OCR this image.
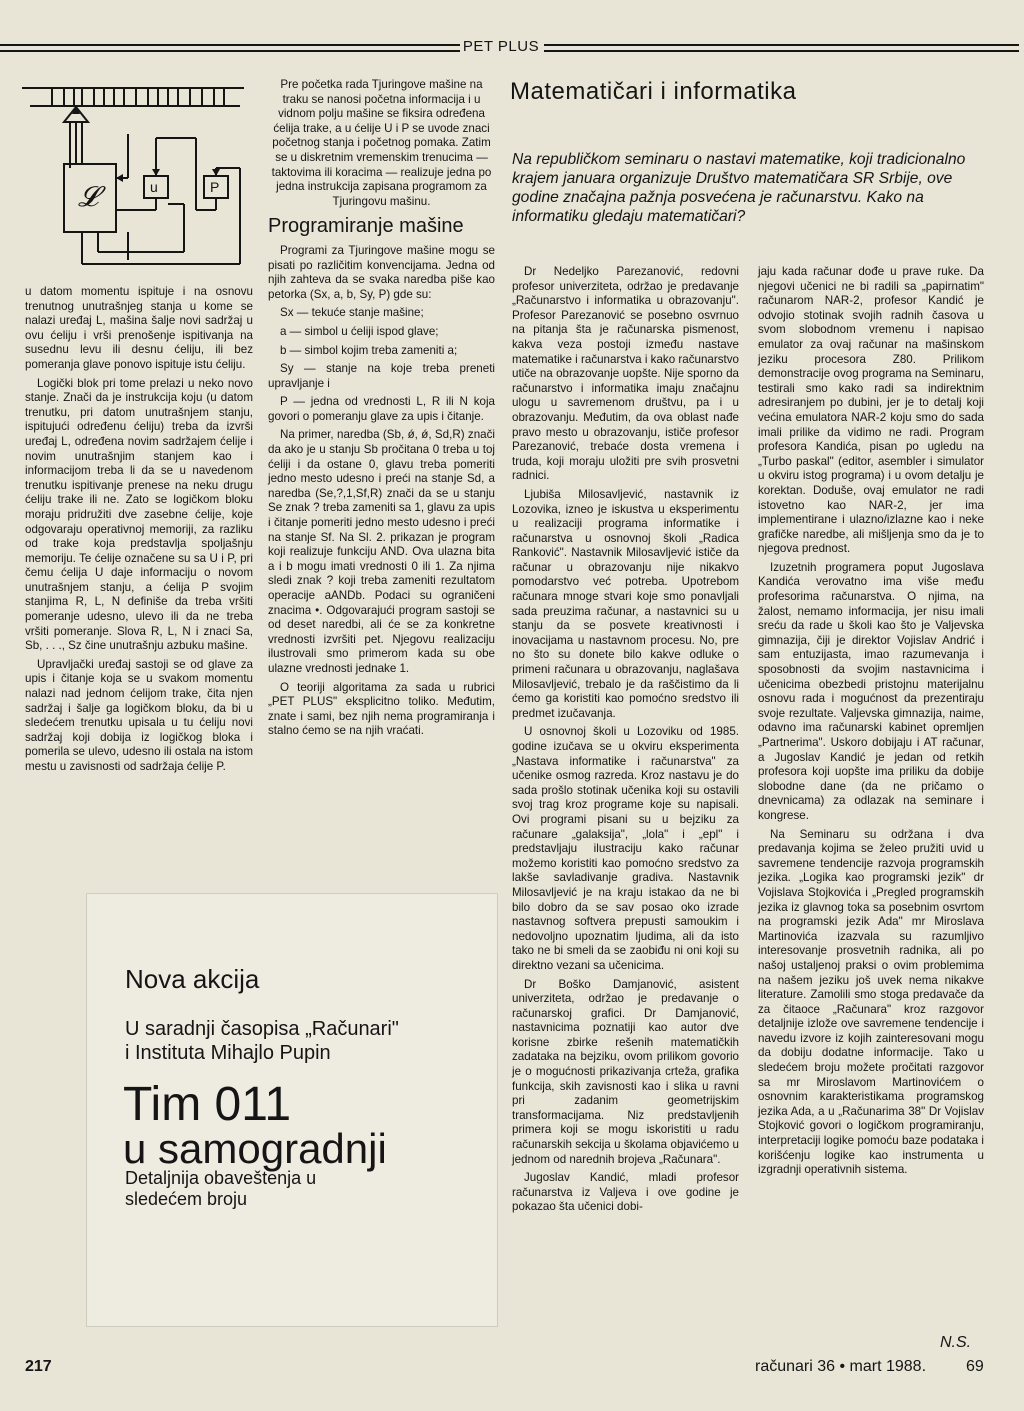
PET PLUS
𝓛	u	P

u datom momentu ispituje i na osnovu trenutnog unutrašnjeg stanja u kome se nalazi uređaj L, mašina šalje novi sadržaj u ovu ćeliju i vrši prenošenje ispitivanja na susednu levu ili desnu ćeliju, ili bez pomeranja glave ponovo ispituje istu ćeliju.

Logički blok pri tome prelazi u neko novo stanje. Znači da je instrukcija koju (u datom trenutku, pri datom unutrašnjem stanju, ispitujući određenu ćeliju) treba da izvrši uređaj L, određena novim sadržajem ćelije i novim unutrašnjim stanjem kao i informacijom treba li da se u navedenom trenutku ispitivanje prenese na neku drugu ćeliju trake ili ne. Zato se logičkom bloku moraju pridružiti dve zasebne ćelije, koje odgovaraju operativnoj memoriji, za razliku od trake koja predstavlja spoljašnju memoriju. Te ćelije označene su sa U i P, pri čemu ćelija U daje informaciju o novom unutrašnjem stanju, a ćelija P svojim stanjima R, L, N definiše da treba vršiti pomeranje udesno, ulevo ili da ne treba vršiti pomeranje. Slova R, L, N i znaci Sa, Sb, . . ., Sz čine unutrašnju azbuku mašine.

Upravljački uređaj sastoji se od glave za upis i čitanje koja se u svakom momentu nalazi nad jednom ćelijom trake, čita njen sadržaj i šalje ga logičkom bloku, da bi u sledećem trenutku upisala u tu ćeliju novi sadržaj koji dobija iz logičkog bloka i pomerila se ulevo, udesno ili ostala na istom mestu u zavisnosti od sadržaja ćelije P.

Pre početka rada Tjuringove mašine na traku se nanosi početna informacija i u vidnom polju mašine se fiksira određena ćelija trake, a u ćelije U i P se uvode znaci početnog stanja i početnog pomaka. Zatim se u diskretnim vremenskim trenucima — taktovima ili koracima — realizuje jedna po jedna instrukcija zapisana programom za Tjuringovu mašinu.

Programiranje mašine

Programi za Tjuringove mašine mogu se pisati po različitim konvencijama. Jedna od njih zahteva da se svaka naredba piše kao petorka (Sx, a, b, Sy, P) gde su:

Sx — tekuće stanje mašine;

a — simbol u ćeliji ispod glave;

b — simbol kojim treba zameniti a;

Sy — stanje na koje treba preneti upravljanje i

P — jedna od vrednosti L, R ili N koja govori o pomeranju glave za upis i čitanje.

Na primer, naredba (Sb, ǿ, ǿ, Sd,R) znači da ako je u stanju Sb pročitana 0 treba u toj ćeliji i da ostane 0, glavu treba pomeriti jedno mesto udesno i preći na stanje Sd, a naredba (Se,?,1,Sf,R) znači da se u stanju Se znak ? treba zameniti sa 1, glavu za upis i čitanje pomeriti jedno mesto udesno i preći na stanje Sf. Na Sl. 2. prikazan je program koji realizuje funkciju AND. Ova ulazna bita a i b mogu imati vrednosti 0 ili 1. Za njima sledi znak ? koji treba zameniti rezultatom operacije aANDb. Podaci su ograničeni znacima •. Odgovarajući program sastoji se od deset naredbi, ali će se za konkretne vrednosti izvršiti pet. Njegovu realizaciju ilustrovali smo primerom kada su obe ulazne vrednosti jednake 1.

O teoriji algoritama za sada u rubrici „PET PLUS" eksplicitno toliko. Međutim, znate i sami, bez njih nema programiranja i stalno ćemo se na njih vraćati.

Matematičari i informatika
Na republičkom seminaru o nastavi matematike, koji tradicionalno krajem januara organizuje Društvo matematičara SR Srbije, ove godine značajna pažnja posvećena je računarstvu. Kako na informatiku gledaju matematičari?

Dr Nedeljko Parezanović, redovni profesor univerziteta, održao je predavanje „Računarstvo i informatika u obrazovanju". Profesor Parezanović se posebno osvrnuo na pitanja šta je računarska pismenost, kakva veza postoji između nastave matematike i računarstva i kako računarstvo utiče na obrazovanje uopšte. Nije sporno da računarstvo i informatika imaju značajnu ulogu u savremenom društvu, pa i u obrazovanju. Međutim, da ova oblast nađe pravo mesto u obrazovanju, ističe profesor Parezanović, trebaće dosta vremena i truda, koji moraju uložiti pre svih prosvetni radnici.

Ljubiša Milosavljević, nastavnik iz Lozovika, izneo je iskustva u eksperimentu u realizaciji programa informatike i računarstva u osnovnoj školi „Radica Ranković". Nastavnik Milosavljević ističe da računar u obrazovanju nije nikakvo pomodarstvo već potreba. Upotrebom računara mnoge stvari koje smo ponavljali sada preuzima računar, a nastavnici su u stanju da se posvete kreativnosti i inovacijama u nastavnom procesu. No, pre no što su donete bilo kakve odluke o primeni računara u obrazovanju, naglašava Milosavljević, trebalo je da raščistimo da li ćemo ga koristiti kao pomoćno sredstvo ili predmet izučavanja.

U osnovnoj školi u Lozoviku od 1985. godine izučava se u okviru eksperimenta „Nastava informatike i računarstva" za učenike osmog razreda. Kroz nastavu je do sada prošlo stotinak učenika koji su ostavili svoj trag kroz programe koje su napisali. Ovi programi pisani su u bejziku za računare „galaksija", „lola" i „epl" i predstavljaju ilustraciju kako računar možemo koristiti kao pomoćno sredstvo za lakše savladivanje gradiva. Nastavnik Milosavljević je na kraju istakao da ne bi bilo dobro da se sav posao oko izrade nastavnog softvera prepusti samoukim i nedovoljno upoznatim ljudima, ali da isto tako ne bi smeli da se zaobiđu ni oni koji su direktno vezani sa učenicima.

Dr Boško Damjanović, asistent univerziteta, održao je predavanje o računarskoj grafici. Dr Damjanović, nastavnicima poznatiji kao autor dve korisne zbirke rešenih matematičkih zadataka na bejziku, ovom prilikom govorio je o mogućnosti prikazivanja crteža, grafika funkcija, skih zavisnosti kao i slika u ravni pri zadanim geometrijskim transformacijama. Niz predstavljenih primera koji se mogu iskoristiti u radu računarskih sekcija u školama objavićemo u jednom od narednih brojeva „Računara".

Jugoslav Kandić, mladi profesor računarstva iz Valjeva i ove godine je pokazao šta učenici dobi-

jaju kada računar dođe u prave ruke. Da njegovi učenici ne bi radili sa „papirnatim" računarom NAR-2, profesor Kandić je odvojio stotinak svojih radnih časova u svom slobodnom vremenu i napisao emulator za ovaj računar na mašinskom jeziku procesora Z80. Prilikom demonstracije ovog programa na Seminaru, testirali smo kako radi sa indirektnim adresiranjem po dubini, jer je to detalj koji većina emulatora NAR-2 koju smo do sada imali prilike da vidimo ne radi. Program profesora Kandića, pisan po ugledu na „Turbo paskal" (editor, asembler i simulator u okviru istog programa) i u ovom detalju je korektan. Doduše, ovaj emulator ne radi istovetno kao NAR-2, jer ima implementirane i ulazno/izlazne kao i neke grafičke naredbe, ali mišljenja smo da je to njegova prednost.

Izuzetnih programera poput Jugoslava Kandića verovatno ima više među profesorima računarstva. O njima, na žalost, nemamo informacija, jer nisu imali sreću da rade u školi kao što je Valjevska gimnazija, čiji je direktor Vojislav Andrić i sam entuzijasta, imao razumevanja i sposobnosti da svojim nastavnicima i učenicima obezbedi pristojnu materijalnu osnovu rada i mogućnost da prezentiraju svoje rezultate. Valjevska gimnazija, naime, odavno ima računarski kabinet opremljen „Partnerima". Uskoro dobijaju i AT računar, a Jugoslav Kandić je jedan od retkih profesora koji uopšte ima priliku da dobije slobodne dane (da ne pričamo o dnevnicama) za odlazak na seminare i kongrese.

Na Seminaru su održana i dva predavanja kojima se želeo pružiti uvid u savremene tendencije razvoja programskih jezika. „Logika kao programski jezik" dr Vojislava Stojkovića i „Pregled programskih jezika iz glavnog toka sa posebnim osvrtom na programski jezik Ada" mr Miroslava Martinovića izazvala su razumljivo interesovanje prosvetnih radnika, ali po našoj ustaljenoj praksi o ovim problemima na našem jeziku još uvek nema nikakve literature. Zamolili smo stoga predavače da za čitaoce „Računara" kroz razgovor detaljnije izlože ove savremene tendencije i navedu izvore iz kojih zainteresovani mogu da dobiju dodatne informacije. Tako u sledećem broju možete pročitati razgovor sa mr Miroslavom Martinovićem o osnovnim karakteristikama programskog jezika Ada, a u „Računarima 38" Dr Vojislav Stojković govori o logičkom programiranju, interpretaciji logike pomoću baze podataka i korišćenju logike kao instrumenta u izgradnji operativnih sistema.

N.S.
Nova akcija
U saradnji časopisa „Računari"
i Instituta Mihajlo Pupin
Tim 011
u samogradnji
Detaljnija obaveštenja u
sledećem broju
217	računari 36 • mart 1988. 69
